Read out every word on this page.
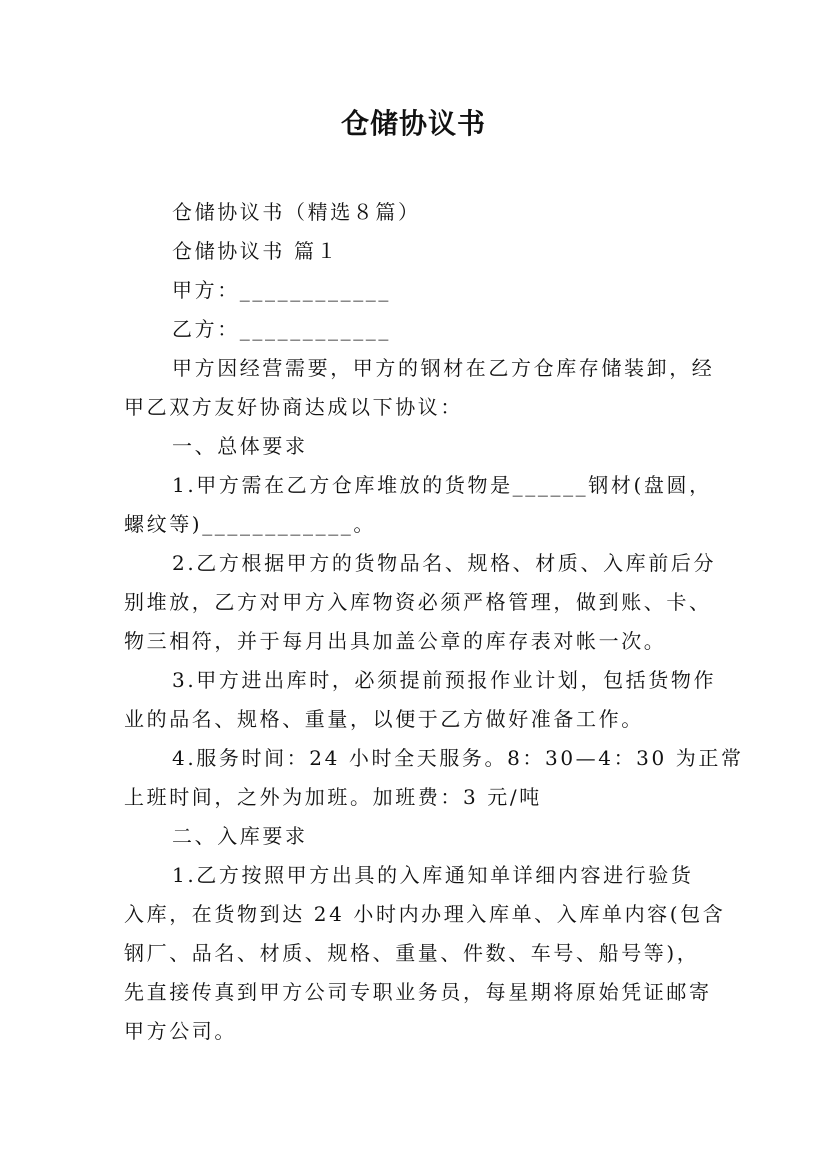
仓储协议书
仓储协议书（精选８篇）
仓储协议书 篇１
甲方：____________
乙方：____________
甲方因经营需要，甲方的钢材在乙方仓库存储装卸，经
甲乙双方友好协商达成以下协议：
一、总体要求
1.甲方需在乙方仓库堆放的货物是______钢材(盘圆，
螺纹等)____________。
2.乙方根据甲方的货物品名、规格、材质、入库前后分
别堆放，乙方对甲方入库物资必须严格管理，做到账、卡、
物三相符，并于每月出具加盖公章的库存表对帐一次。
3.甲方进出库时，必须提前预报作业计划，包括货物作
业的品名、规格、重量，以便于乙方做好准备工作。
4.服务时间：24 小时全天服务。8：30—4：30 为正常
上班时间，之外为加班。加班费：3 元/吨
二、入库要求
1.乙方按照甲方出具的入库通知单详细内容进行验货
入库，在货物到达 24 小时内办理入库单、入库单内容(包含
钢厂、品名、材质、规格、重量、件数、车号、船号等)，
先直接传真到甲方公司专职业务员，每星期将原始凭证邮寄
甲方公司。
